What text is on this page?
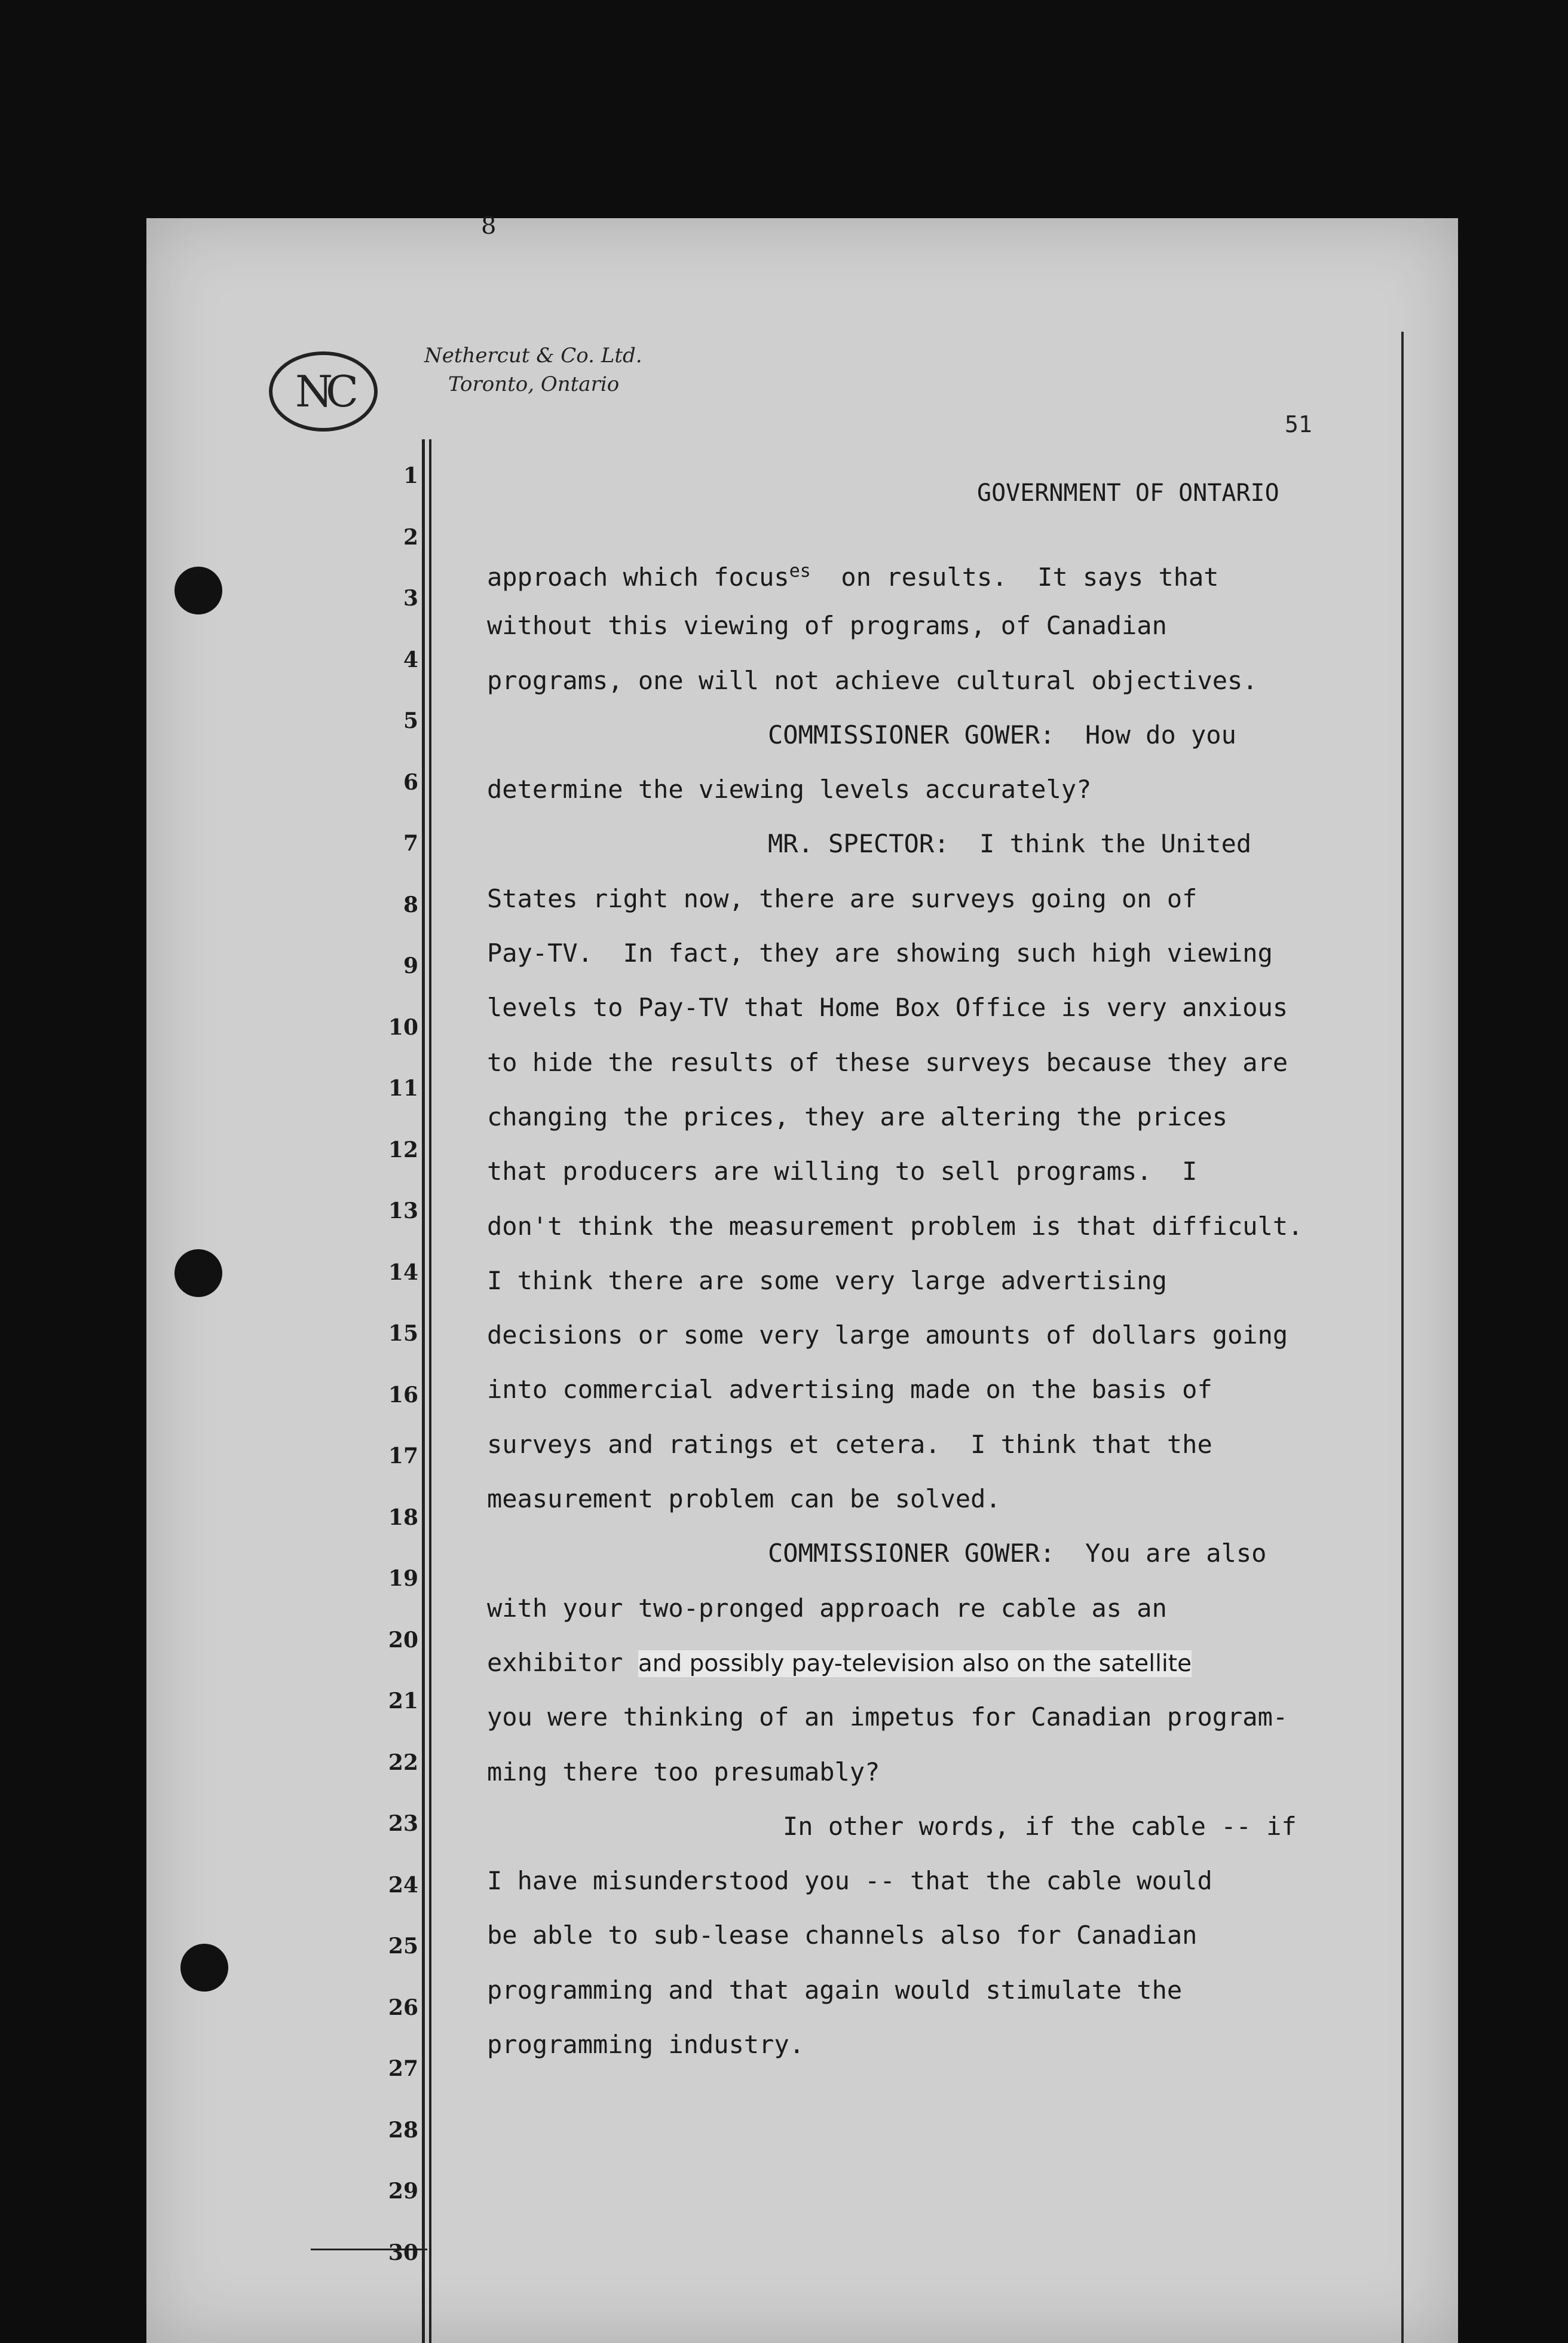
8
NC
Nethercut & Co. Ltd.
Toronto, Ontario
51
GOVERNMENT OF ONTARIO
1
2
3
4
5
6
7
8
9
10
11
12
13
14
15
16
17
18
19
20
21
22
23
24
25
26
27
28
29
30
approach which focus$^{es}$  on results.  It says that
without this viewing of programs, of Canadian
programs, one will not achieve cultural objectives.
COMMISSIONER GOWER:  How do you
determine the viewing levels accurately?
MR. SPECTOR:  I think the United
States right now, there are surveys going on of
Pay-TV.  In fact, they are showing such high viewing
levels to Pay-TV that Home Box Office is very anxious
to hide the results of these surveys because they are
changing the prices, they are altering the prices
that producers are willing to sell programs.  I
don't think the measurement problem is that difficult.
I think there are some very large advertising
decisions or some very large amounts of dollars going
into commercial advertising made on the basis of
surveys and ratings et cetera.  I think that the
measurement problem can be solved.
COMMISSIONER GOWER:  You are also
with your two-pronged approach re cable as an
exhibitor and possibly pay-television also on the satellite
you were thinking of an impetus for Canadian program-
ming there too presumably?
In other words, if the cable -- if
I have misunderstood you -- that the cable would
be able to sub-lease channels also for Canadian
programming and that again would stimulate the
programming industry.
